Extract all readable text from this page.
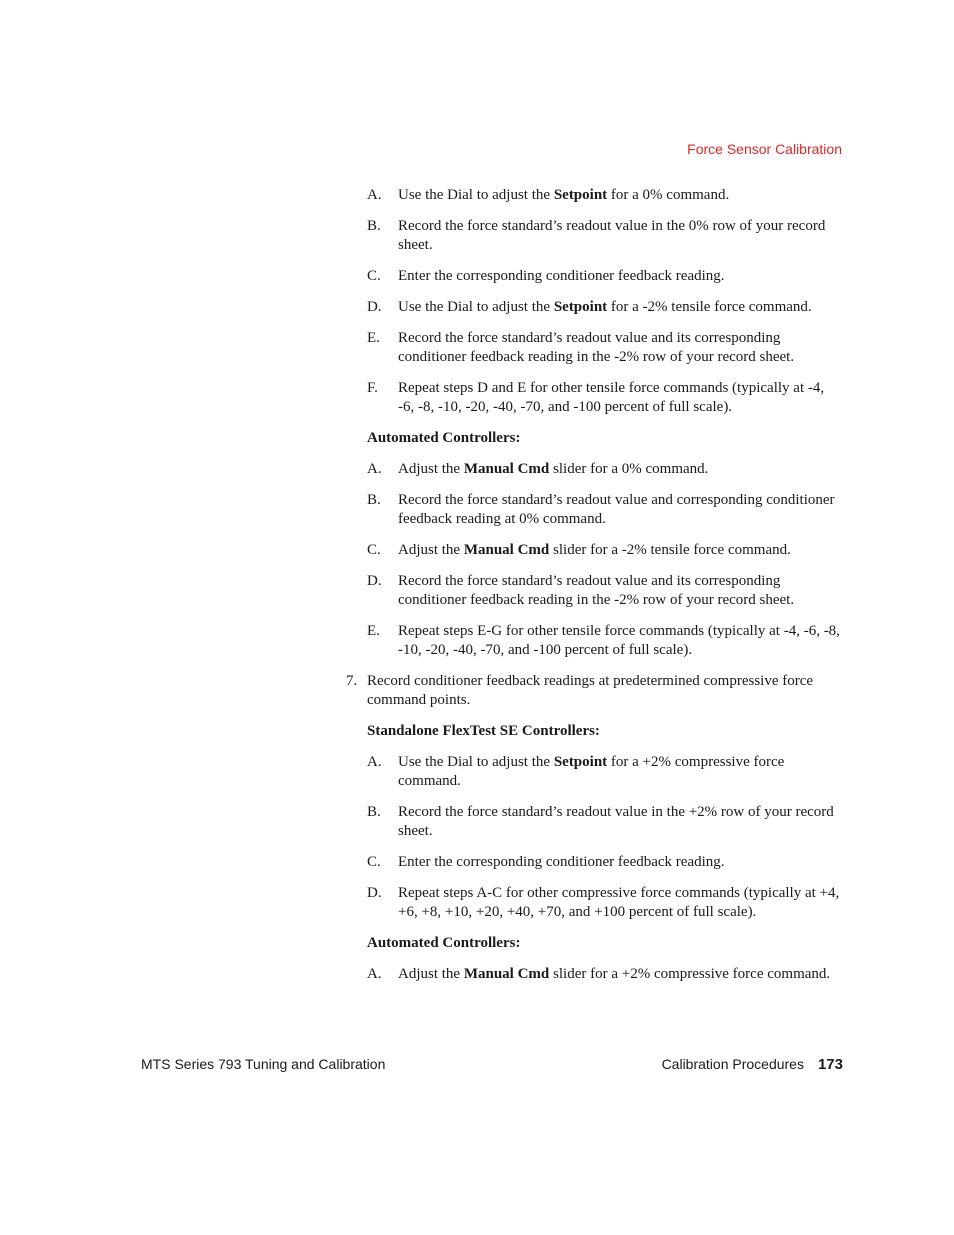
Force Sensor Calibration
A. Use the Dial to adjust the Setpoint for a 0% command.
B. Record the force standard’s readout value in the 0% row of your record sheet.
C. Enter the corresponding conditioner feedback reading.
D. Use the Dial to adjust the Setpoint for a -2% tensile force command.
E. Record the force standard’s readout value and its corresponding conditioner feedback reading in the -2% row of your record sheet.
F. Repeat steps D and E for other tensile force commands (typically at -4, -6, -8, -10, -20, -40, -70, and -100 percent of full scale).
Automated Controllers:
A. Adjust the Manual Cmd slider for a 0% command.
B. Record the force standard’s readout value and corresponding conditioner feedback reading at 0% command.
C. Adjust the Manual Cmd slider for a -2% tensile force command.
D. Record the force standard’s readout value and its corresponding conditioner feedback reading in the -2% row of your record sheet.
E. Repeat steps E-G for other tensile force commands (typically at -4, -6, -8, -10, -20, -40, -70, and -100 percent of full scale).
7. Record conditioner feedback readings at predetermined compressive force command points.
Standalone FlexTest SE Controllers:
A. Use the Dial to adjust the Setpoint for a +2% compressive force command.
B. Record the force standard’s readout value in the +2% row of your record sheet.
C. Enter the corresponding conditioner feedback reading.
D. Repeat steps A-C for other compressive force commands (typically at +4, +6, +8, +10, +20, +40, +70, and +100 percent of full scale).
Automated Controllers:
A. Adjust the Manual Cmd slider for a +2% compressive force command.
MTS Series 793 Tuning and Calibration	Calibration Procedures 173
